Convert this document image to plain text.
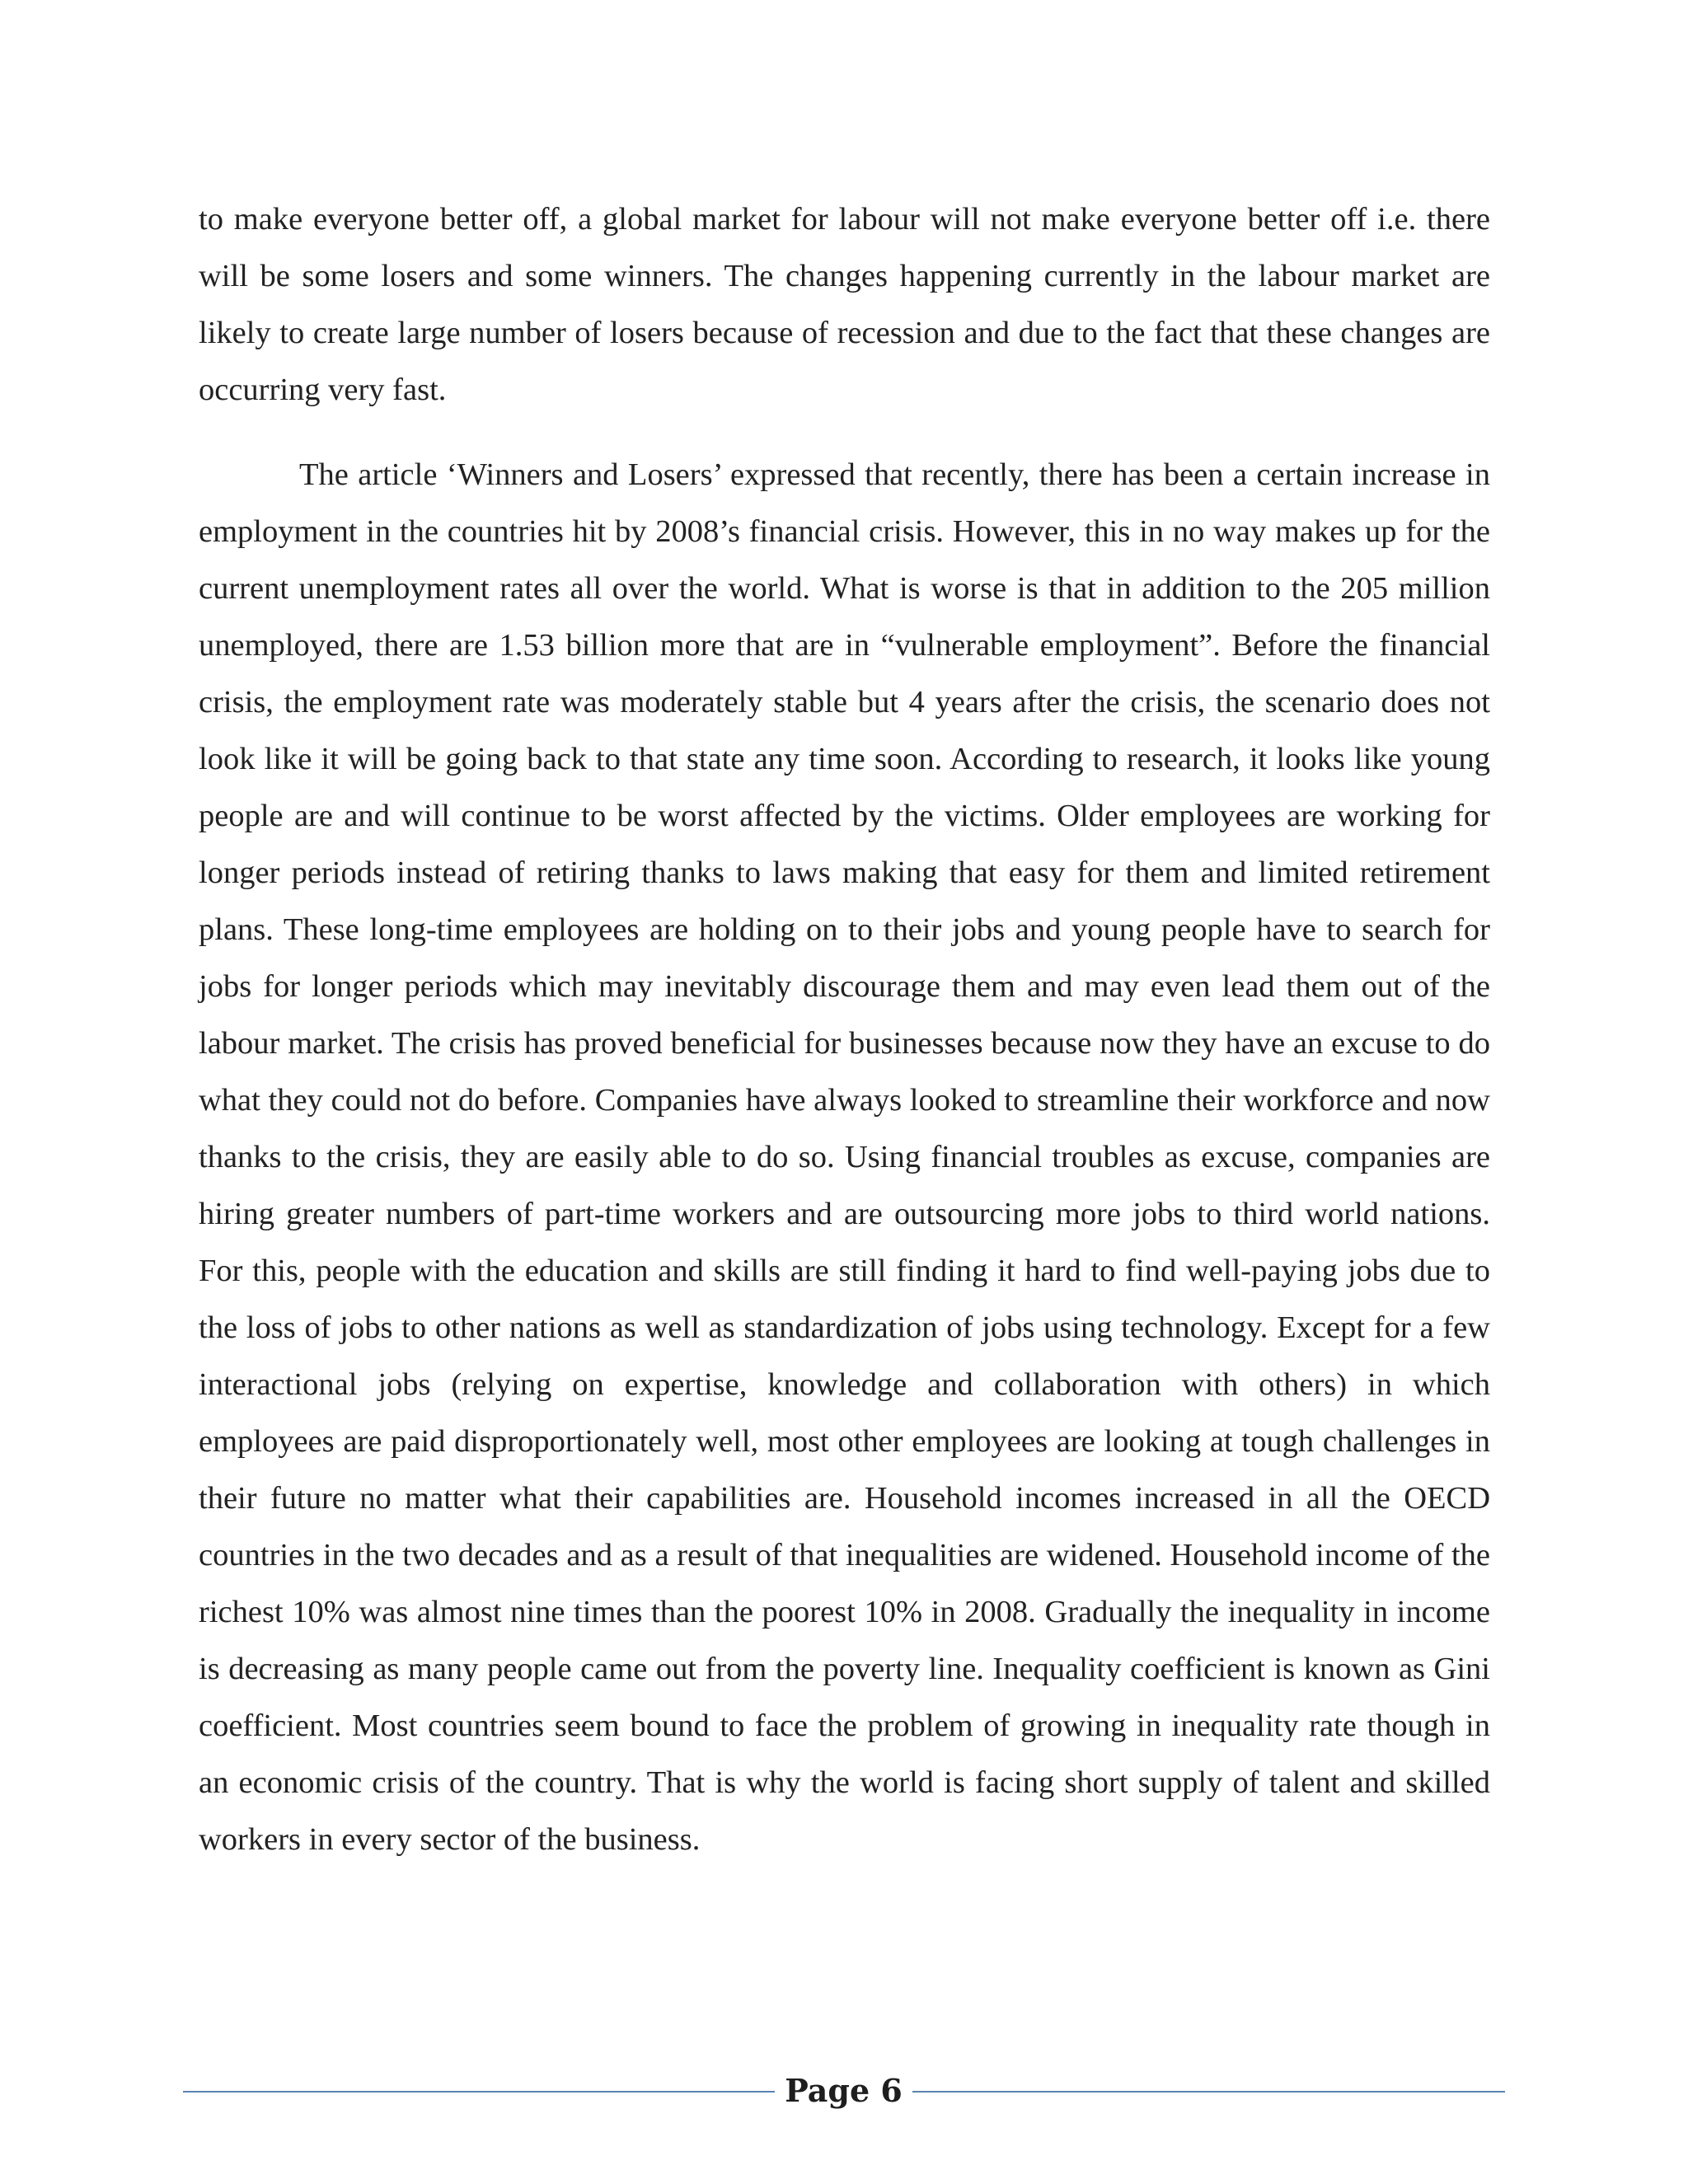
to make everyone better off, a global market for labour will not make everyone better off i.e. there will be some losers and some winners. The changes happening currently in the labour market are likely to create large number of losers because of recession and due to the fact that these changes are occurring very fast.

The article ‘Winners and Losers’ expressed that recently, there has been a certain increase in employment in the countries hit by 2008’s financial crisis. However, this in no way makes up for the current unemployment rates all over the world. What is worse is that in addition to the 205 million unemployed, there are 1.53 billion more that are in “vulnerable employment”. Before the financial crisis, the employment rate was moderately stable but 4 years after the crisis, the scenario does not look like it will be going back to that state any time soon. According to research, it looks like young people are and will continue to be worst affected by the victims. Older employees are working for longer periods instead of retiring thanks to laws making that easy for them and limited retirement plans. These long-time employees are holding on to their jobs and young people have to search for jobs for longer periods which may inevitably discourage them and may even lead them out of the labour market. The crisis has proved beneficial for businesses because now they have an excuse to do what they could not do before. Companies have always looked to streamline their workforce and now thanks to the crisis, they are easily able to do so. Using financial troubles as excuse, companies are hiring greater numbers of part-time workers and are outsourcing more jobs to third world nations. For this, people with the education and skills are still finding it hard to find well-paying jobs due to the loss of jobs to other nations as well as standardization of jobs using technology. Except for a few interactional jobs (relying on expertise, knowledge and collaboration with others) in which employees are paid disproportionately well, most other employees are looking at tough challenges in their future no matter what their capabilities are. Household incomes increased in all the OECD countries in the two decades and as a result of that inequalities are widened. Household income of the richest 10% was almost nine times than the poorest 10% in 2008. Gradually the inequality in income is decreasing as many people came out from the poverty line. Inequality coefficient is known as Gini coefficient. Most countries seem bound to face the problem of growing in inequality rate though in an economic crisis of the country. That is why the world is facing short supply of talent and skilled workers in every sector of the business.

Page 6
